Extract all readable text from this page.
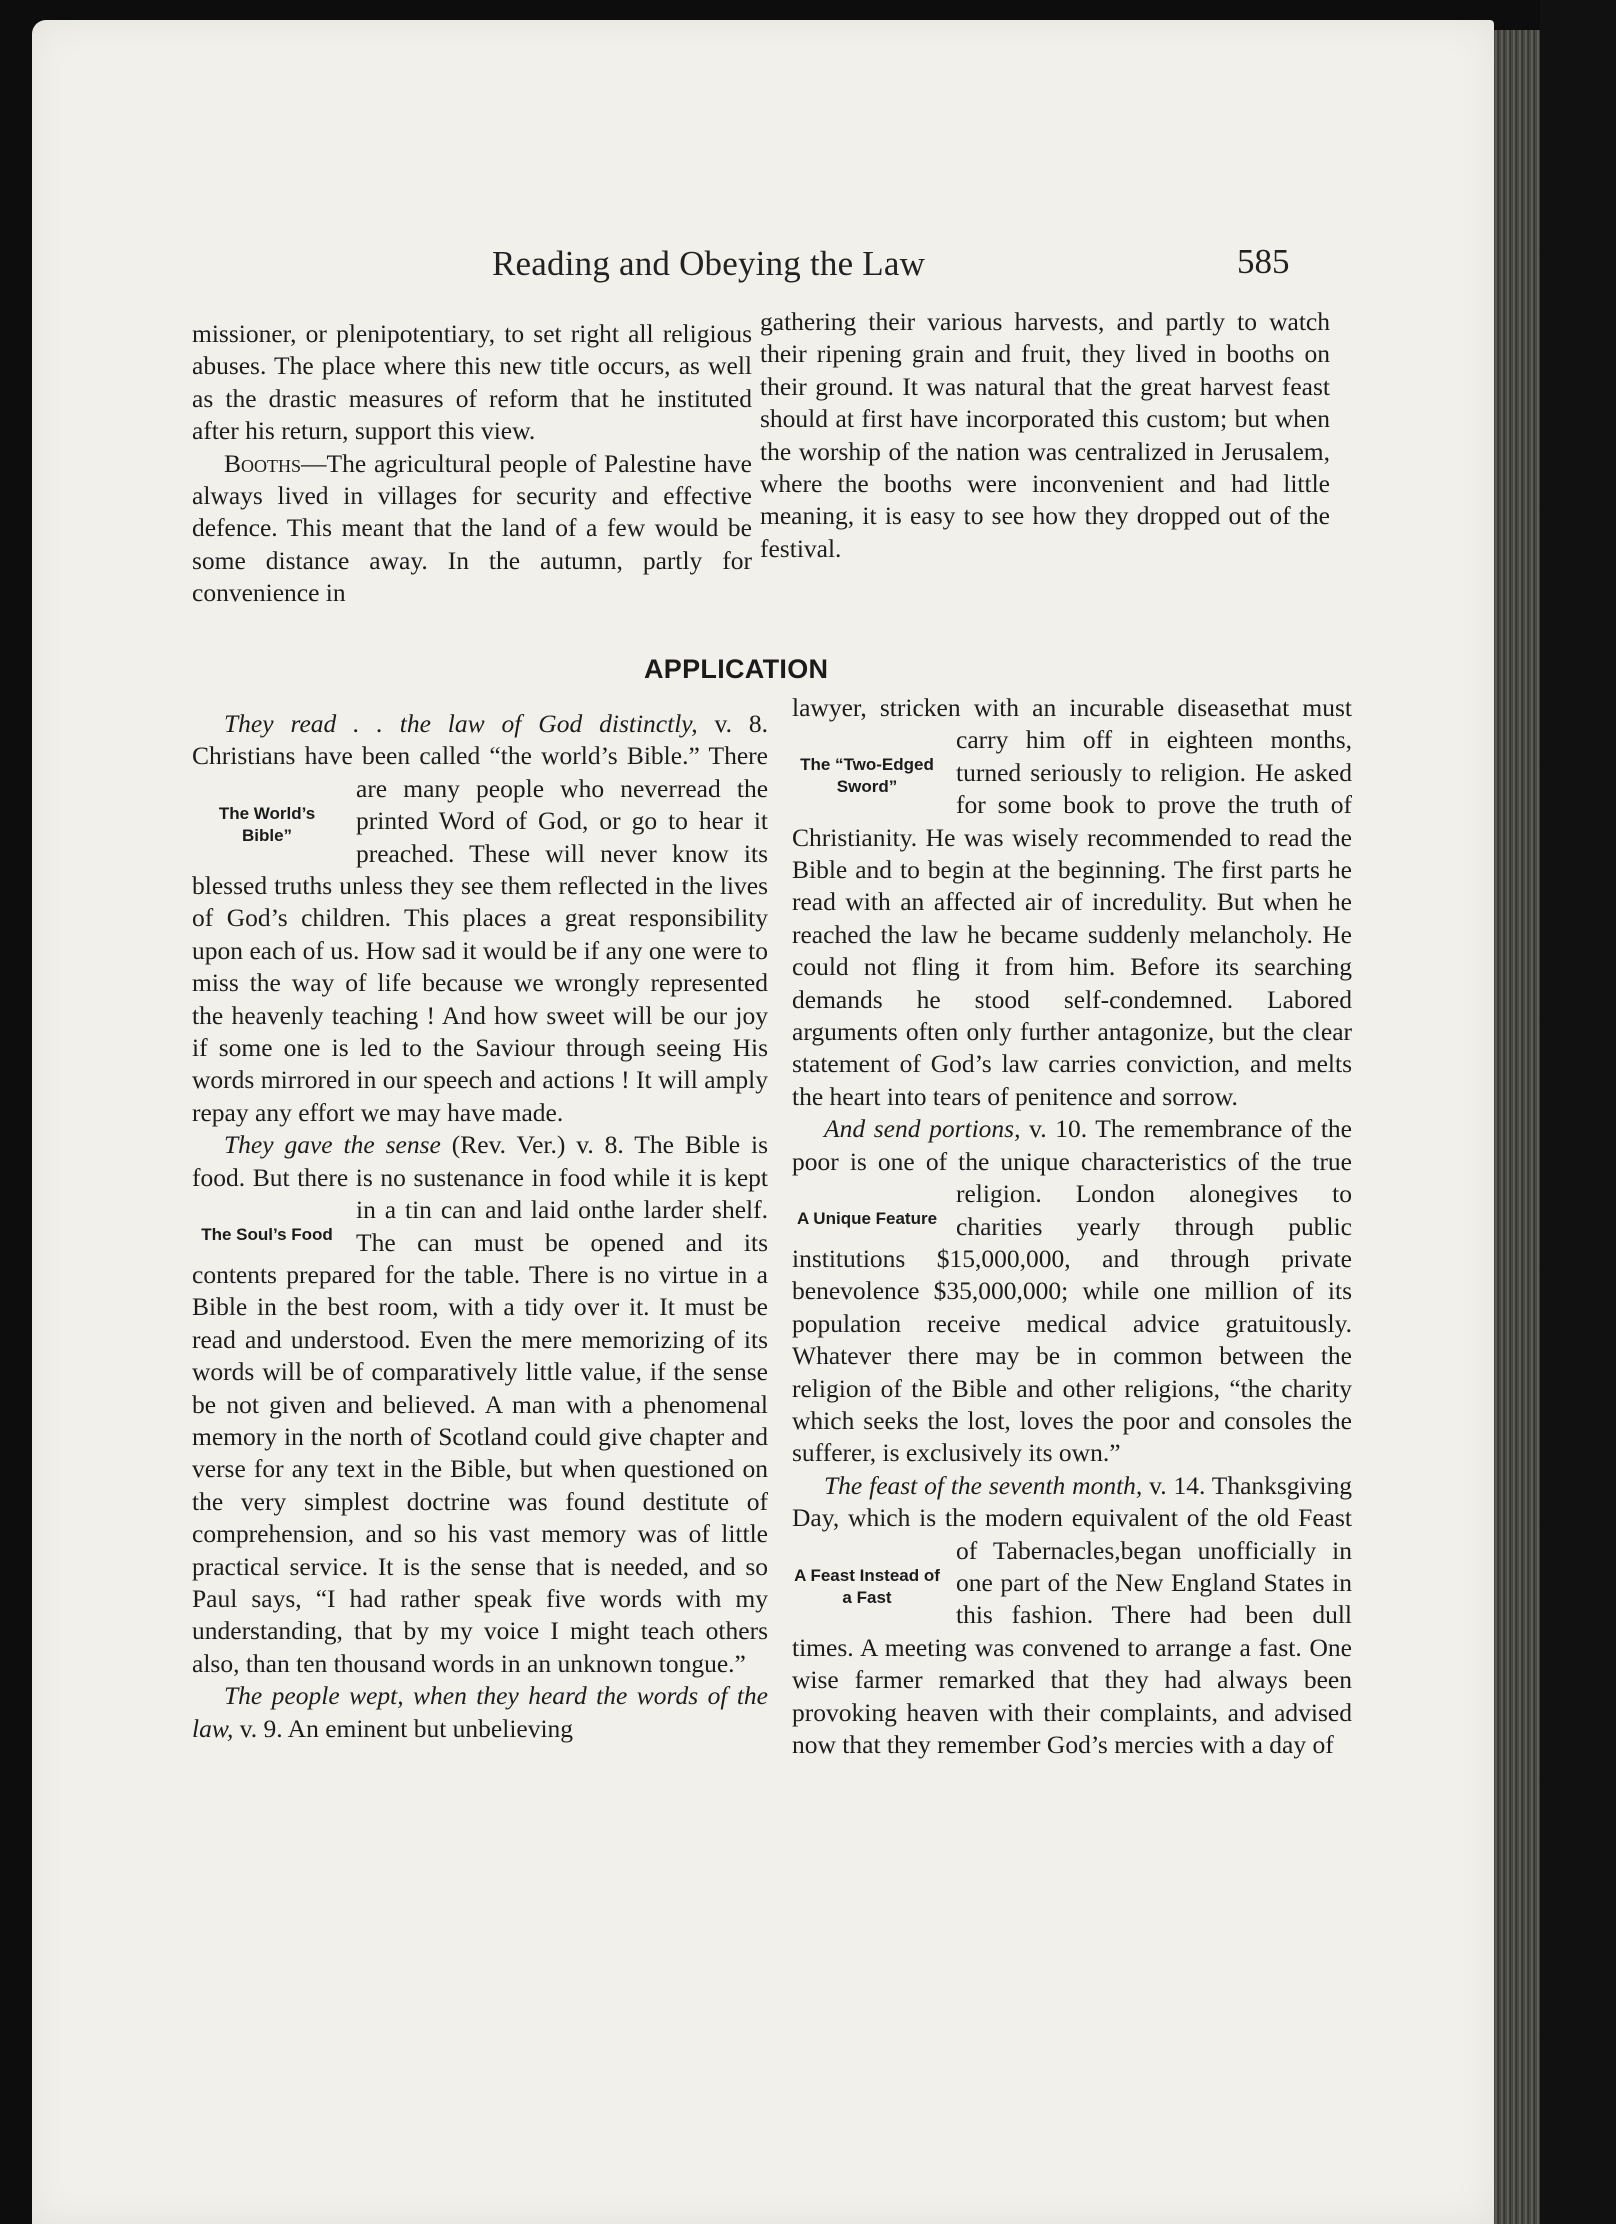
Reading and Obeying the Law	585

missioner, or plenipotentiary, to set right all religious abuses. The place where this new title occurs, as well as the drastic measures of reform that he instituted after his return, support this view.

Booths—The agricultural people of Palestine have always lived in villages for security and effective defence. This meant that the land of a few would be some distance away. In the autumn, partly for convenience in

gathering their various harvests, and partly to watch their ripening grain and fruit, they lived in booths on their ground. It was natural that the great harvest feast should at first have incorporated this custom; but when the worship of the nation was centralized in Jerusalem, where the booths were inconvenient and had little meaning, it is easy to see how they dropped out of the festival.

APPLICATION

They read . . the law of God distinctly, v. 8. Christians have been called “the world’s Bible.” There are many people who never
The World’s Bible”
read the printed Word of God, or go to hear it preached. These will never know its blessed truths unless they see them reflected in the lives of God’s children. This places a great responsibility upon each of us. How sad it would be if any one were to miss the way of life because we wrongly represented the heavenly teaching ! And how sweet will be our joy if some one is led to the Saviour through seeing His words mirrored in our speech and actions ! It will amply repay any effort we may have made.

They gave the sense (Rev. Ver.) v. 8. The Bible is food. But there is no sustenance in food while it is kept in a tin can and laid on
The Soul’s Food
the larder shelf. The can must be opened and its contents prepared for the table. There is no virtue in a Bible in the best room, with a tidy over it. It must be read and understood. Even the mere memorizing of its words will be of comparatively little value, if the sense be not given and believed. A man with a phenomenal memory in the north of Scotland could give chapter and verse for any text in the Bible, but when questioned on the very simplest doctrine was found destitute of comprehension, and so his vast memory was of little practical service. It is the sense that is needed, and so Paul says, “I had rather speak five words with my understanding, that by my voice I might teach others also, than ten thousand words in an unknown tongue.”

The people wept, when they heard the words of the law, v. 9. An eminent but unbelieving

lawyer, stricken with an incurable disease
The “Two-Edged Sword”
that must carry him off in eighteen months, turned seriously to religion. He asked for some book to prove the truth of Christianity. He was wisely recommended to read the Bible and to begin at the beginning. The first parts he read with an affected air of incredulity. But when he reached the law he became suddenly melancholy. He could not fling it from him. Before its searching demands he stood self-condemned. Labored arguments often only further antagonize, but the clear statement of God’s law carries conviction, and melts the heart into tears of penitence and sorrow.

And send portions, v. 10. The remembrance of the poor is one of the unique characteristics of the true religion. London alone
A Unique Feature
gives to charities yearly through public institutions $15,000,000, and through private benevolence $35,000,000; while one million of its population receive medical advice gratuitously. Whatever there may be in common between the religion of the Bible and other religions, “the charity which seeks the lost, loves the poor and consoles the sufferer, is exclusively its own.”

The feast of the seventh month, v. 14. Thanksgiving Day, which is the modern equivalent of the old Feast of Tabernacles,
A Feast Instead of a Fast
began unofficially in one part of the New England States in this fashion. There had been dull times. A meeting was convened to arrange a fast. One wise farmer remarked that they had always been provoking heaven with their complaints, and advised now that they remember God’s mercies with a day of
